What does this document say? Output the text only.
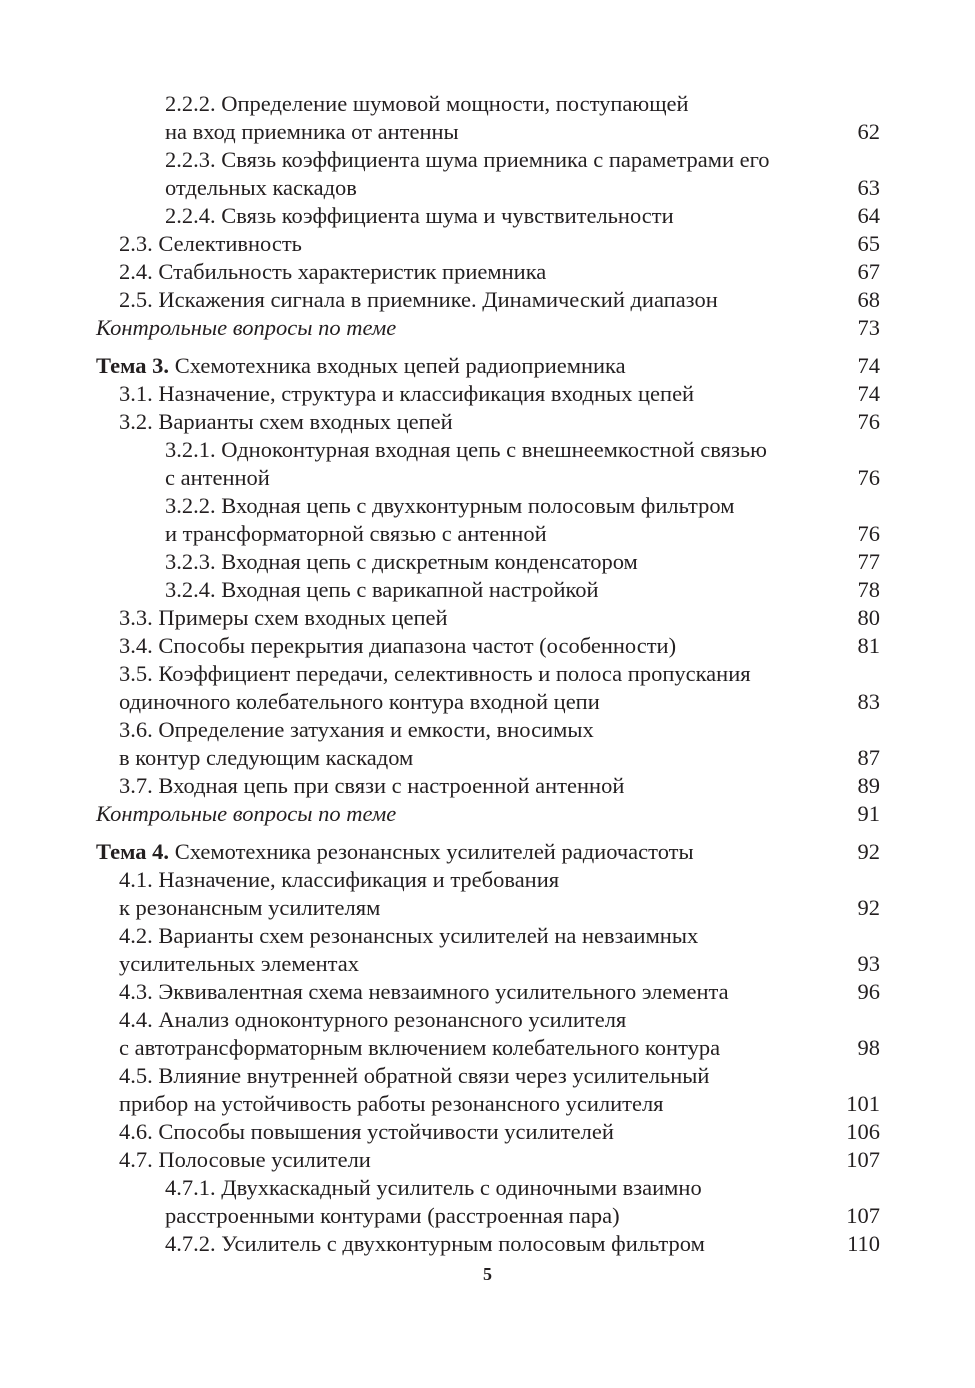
2.2.2. Определение шумовой мощности, поступающей
на вход приемника от антенны	62
2.2.3. Связь коэффициента шума приемника с параметрами его
отдельных каскадов	63
2.2.4. Связь коэффициента шума и чувствительности	64
2.3. Селективность	65
2.4. Стабильность характеристик приемника	67
2.5. Искажения сигнала в приемнике. Динамический диапазон	68
Контрольные вопросы по теме	73
Тема 3. Схемотехника входных цепей радиоприемника	74
3.1. Назначение, структура и классификация входных цепей	74
3.2. Варианты схем входных цепей	76
3.2.1. Одноконтурная входная цепь с внешнеемкостной связью
с антенной	76
3.2.2. Входная цепь с двухконтурным полосовым фильтром
и трансформаторной связью с антенной	76
3.2.3. Входная цепь с дискретным конденсатором	77
3.2.4. Входная цепь с варикапной настройкой	78
3.3. Примеры схем входных цепей	80
3.4. Способы перекрытия диапазона частот (особенности)	81
3.5. Коэффициент передачи, селективность и полоса пропускания
одиночного колебательного контура входной цепи	83
3.6. Определение затухания и емкости, вносимых
в контур следующим каскадом	87
3.7. Входная цепь при связи с настроенной антенной	89
Контрольные вопросы по теме	91
Тема 4. Схемотехника резонансных усилителей радиочастоты	92
4.1. Назначение, классификация и требования
к резонансным усилителям	92
4.2. Варианты схем резонансных усилителей на невзаимных
усилительных элементах	93
4.3. Эквивалентная схема невзаимного усилительного элемента	96
4.4. Анализ одноконтурного резонансного усилителя
с автотрансформаторным включением колебательного контура	98
4.5. Влияние внутренней обратной связи через усилительный
прибор на устойчивость работы резонансного усилителя	101
4.6. Способы повышения устойчивости усилителей	106
4.7. Полосовые усилители	107
4.7.1. Двухкаскадный усилитель с одиночными взаимно
расстроенными контурами (расстроенная пара)	107
4.7.2. Усилитель с двухконтурным полосовым фильтром	110
5
